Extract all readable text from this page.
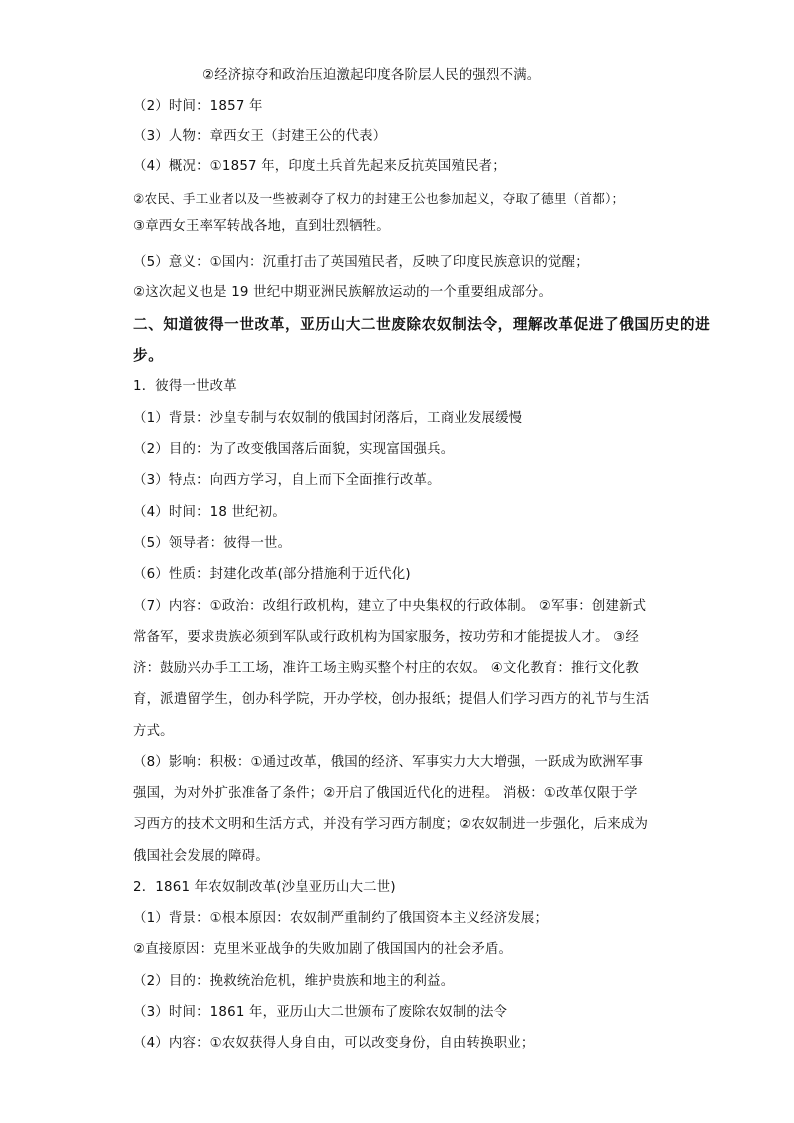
②经济掠夺和政治压迫激起印度各阶层人民的强烈不满。
（2）时间：1857 年
（3）人物：章西女王（封建王公的代表）
（4）概况：①1857 年，印度土兵首先起来反抗英国殖民者；
②农民、手工业者以及一些被剥夺了权力的封建王公也参加起义，夺取了德里（首都）；
③章西女王率军转战各地，直到壮烈牺牲。
（5）意义：①国内：沉重打击了英国殖民者，反映了印度民族意识的觉醒；
②这次起义也是 19 世纪中期亚洲民族解放运动的一个重要组成部分。
二、知道彼得一世改革，亚历山大二世废除农奴制法令，理解改革促进了俄国历史的进
步。
1．彼得一世改革
（1）背景：沙皇专制与农奴制的俄国封闭落后，工商业发展缓慢
（2）目的：为了改变俄国落后面貌，实现富国强兵。
（3）特点：向西方学习，自上而下全面推行改革。
（4）时间：18 世纪初。
（5）领导者：彼得一世。
（6）性质：封建化改革(部分措施利于近代化)
（7）内容：①政治：改组行政机构，建立了中央集权的行政体制。 ②军事：创建新式
常备军，要求贵族必须到军队或行政机构为国家服务，按功劳和才能提拔人才。 ③经
济：鼓励兴办手工工场，准许工场主购买整个村庄的农奴。 ④文化教育：推行文化教
育，派遣留学生，创办科学院，开办学校，创办报纸；提倡人们学习西方的礼节与生活
方式。
（8）影响：积极：①通过改革，俄国的经济、军事实力大大增强，一跃成为欧洲军事
强国，为对外扩张准备了条件；②开启了俄国近代化的进程。 消极：①改革仅限于学
习西方的技术文明和生活方式，并没有学习西方制度；②农奴制进一步强化，后来成为
俄国社会发展的障碍。
2．1861 年农奴制改革(沙皇亚历山大二世)
（1）背景：①根本原因：农奴制严重制约了俄国资本主义经济发展；
②直接原因：克里米亚战争的失败加剧了俄国国内的社会矛盾。
（2）目的：挽救统治危机，维护贵族和地主的利益。
（3）时间：1861 年，亚历山大二世颁布了废除农奴制的法令
（4）内容：①农奴获得人身自由，可以改变身份，自由转换职业；
